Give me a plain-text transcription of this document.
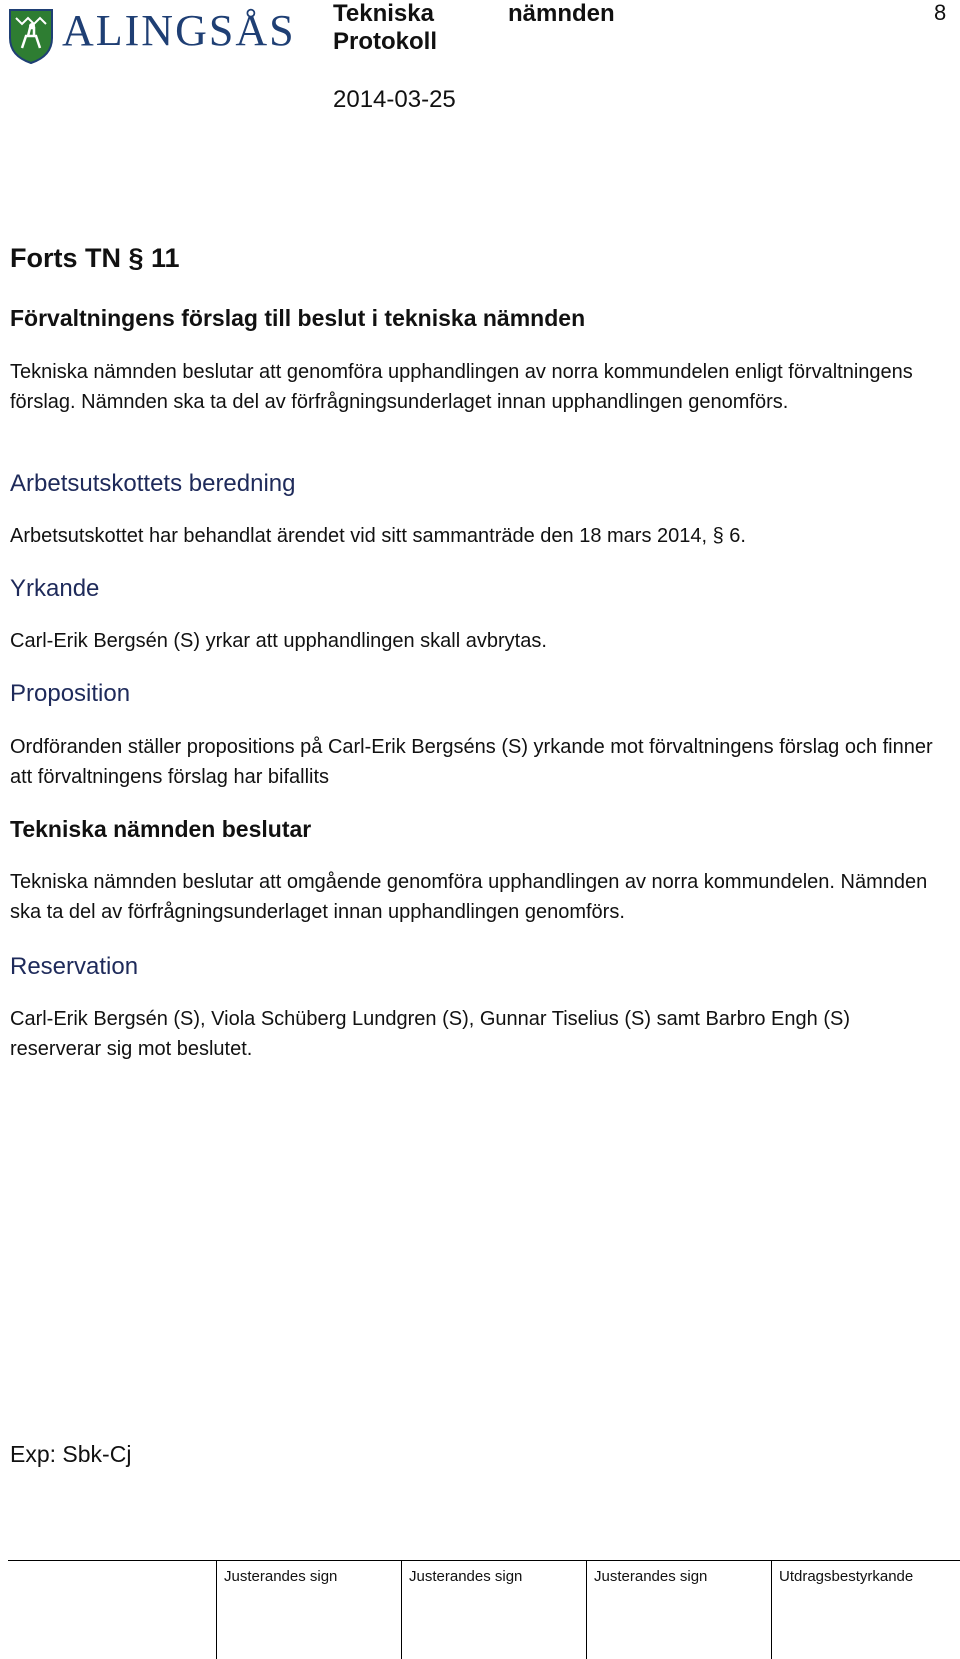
ALINGSÅS Tekniska	nämnden
Protokoll
8
2014-03-25
Forts TN § 11
Förvaltningens förslag till beslut i tekniska nämnden
Tekniska nämnden beslutar att genomföra upphandlingen av norra kommundelen enligt förvaltningens förslag. Nämnden ska ta del av förfrågningsunderlaget innan upphandlingen genomförs.
Arbetsutskottets beredning
Arbetsutskottet har behandlat ärendet vid sitt sammanträde den 18 mars 2014, § 6.
Yrkande
Carl-Erik Bergsén (S) yrkar att upphandlingen skall avbrytas.
Proposition
Ordföranden ställer propositions på Carl-Erik Bergséns (S) yrkande mot förvaltningens förslag och finner att förvaltningens förslag har bifallits
Tekniska nämnden beslutar
Tekniska nämnden beslutar att omgående genomföra upphandlingen av norra kommundelen. Nämnden ska ta del av förfrågningsunderlaget innan upphandlingen genomförs.
Reservation
Carl-Erik Bergsén (S), Viola Schüberg Lundgren (S), Gunnar Tiselius (S) samt Barbro Engh (S) reserverar sig mot beslutet.
Exp: Sbk-Cj
Justerandes sign	Justerandes sign	Justerandes sign	Utdragsbestyrkande
